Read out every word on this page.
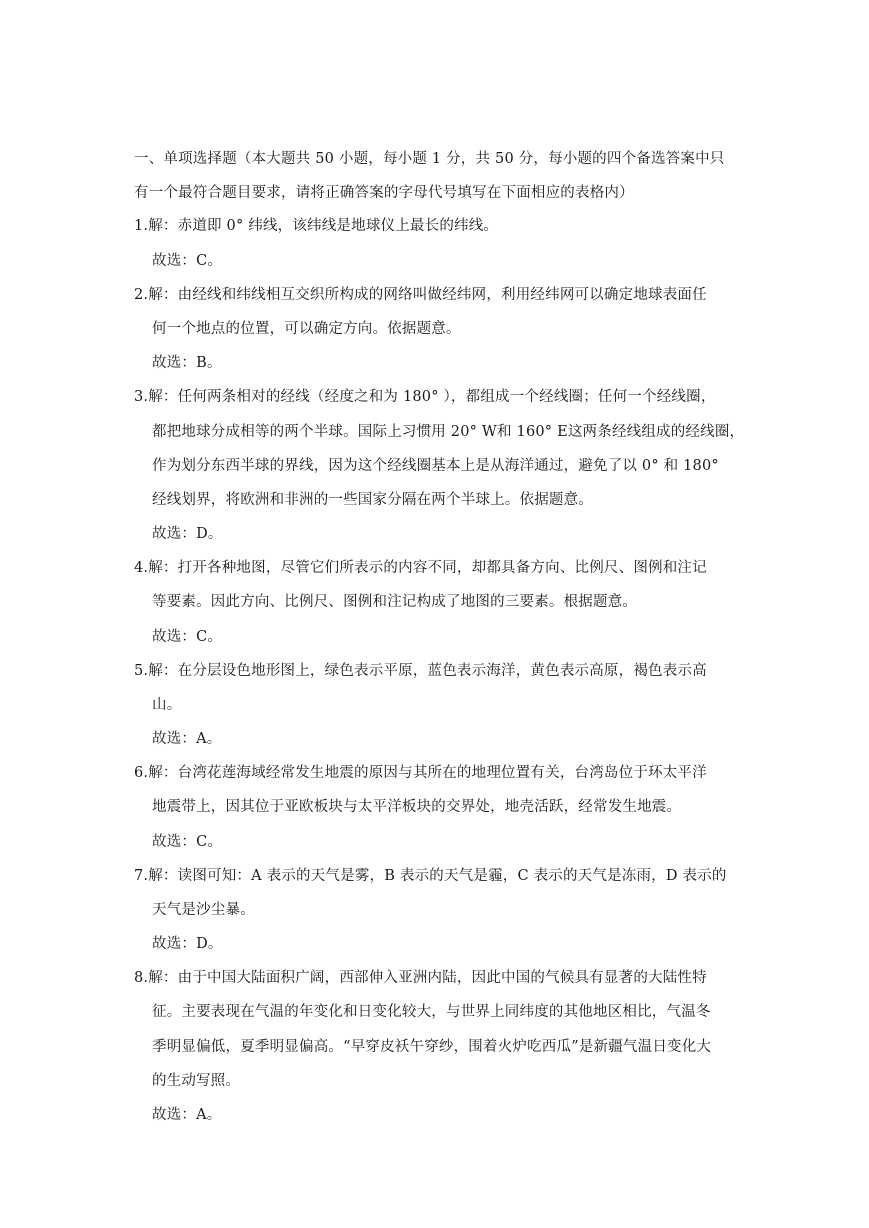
一、单项选择题（本大题共 50 小题，每小题 1 分，共 50 分，每小题的四个备选答案中只
有一个最符合题目要求，请将正确答案的字母代号填写在下面相应的表格内）
1.解：赤道即 0° 纬线，该纬线是地球仪上最长的纬线。
故选：C。
2.解：由经线和纬线相互交织所构成的网络叫做经纬网，利用经纬网可以确定地球表面任
何一个地点的位置，可以确定方向。依据题意。
故选：B。
3.解：任何两条相对的经线（经度之和为 180° ），都组成一个经线圈；任何一个经线圈，
都把地球分成相等的两个半球。国际上习惯用 20° W和 160° E这两条经线组成的经线圈，
作为划分东西半球的界线，因为这个经线圈基本上是从海洋通过，避免了以 0° 和 180°
经线划界，将欧洲和非洲的一些国家分隔在两个半球上。依据题意。
故选：D。
4.解：打开各种地图，尽管它们所表示的内容不同，却都具备方向、比例尺、图例和注记
等要素。因此方向、比例尺、图例和注记构成了地图的三要素。根据题意。
故选：C。
5.解：在分层设色地形图上，绿色表示平原，蓝色表示海洋，黄色表示高原，褐色表示高
山。
故选：A。
6.解：台湾花莲海域经常发生地震的原因与其所在的地理位置有关，台湾岛位于环太平洋
地震带上，因其位于亚欧板块与太平洋板块的交界处，地壳活跃，经常发生地震。
故选：C。
7.解：读图可知：A 表示的天气是雾，B 表示的天气是霾，C 表示的天气是冻雨，D 表示的
天气是沙尘暴。
故选：D。
8.解：由于中国大陆面积广阔，西部伸入亚洲内陆，因此中国的气候具有显著的大陆性特
征。主要表现在气温的年变化和日变化较大，与世界上同纬度的其他地区相比，气温冬
季明显偏低，夏季明显偏高。“早穿皮袄午穿纱，围着火炉吃西瓜”是新疆气温日变化大
的生动写照。
故选：A。
